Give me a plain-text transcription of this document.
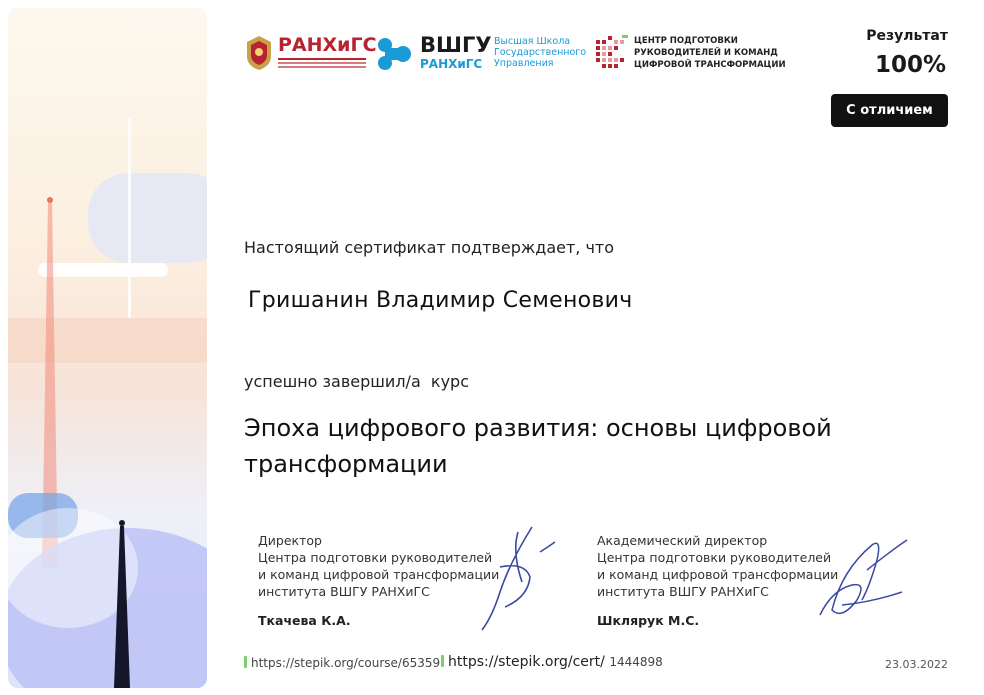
РАНХиГС ВШГУ
РАНХиГС
Высшая Школа
Государственного
Управления
ЦЕНТР ПОДГОТОВКИ
РУКОВОДИТЕЛЕЙ И КОМАНД
ЦИФРОВОЙ ТРАНСФОРМАЦИИ
Результат
100%
С отличием
Настоящий сертификат подтверждает, что
Гришанин Владимир Семенович
успешно завершил/а  курс
Эпоха цифрового развития: основы цифровой
трансформации
Директор
Центра подготовки руководителей
и команд цифровой трансформации
института ВШГУ РАНХиГС
Ткачева К.А.
Академический директор
Центра подготовки руководителей
и команд цифровой трансформации
института ВШГУ РАНХиГС
Шклярук М.С.
https://stepik.org/course/65359 https://stepik.org/cert/ 1444898	23.03.2022
